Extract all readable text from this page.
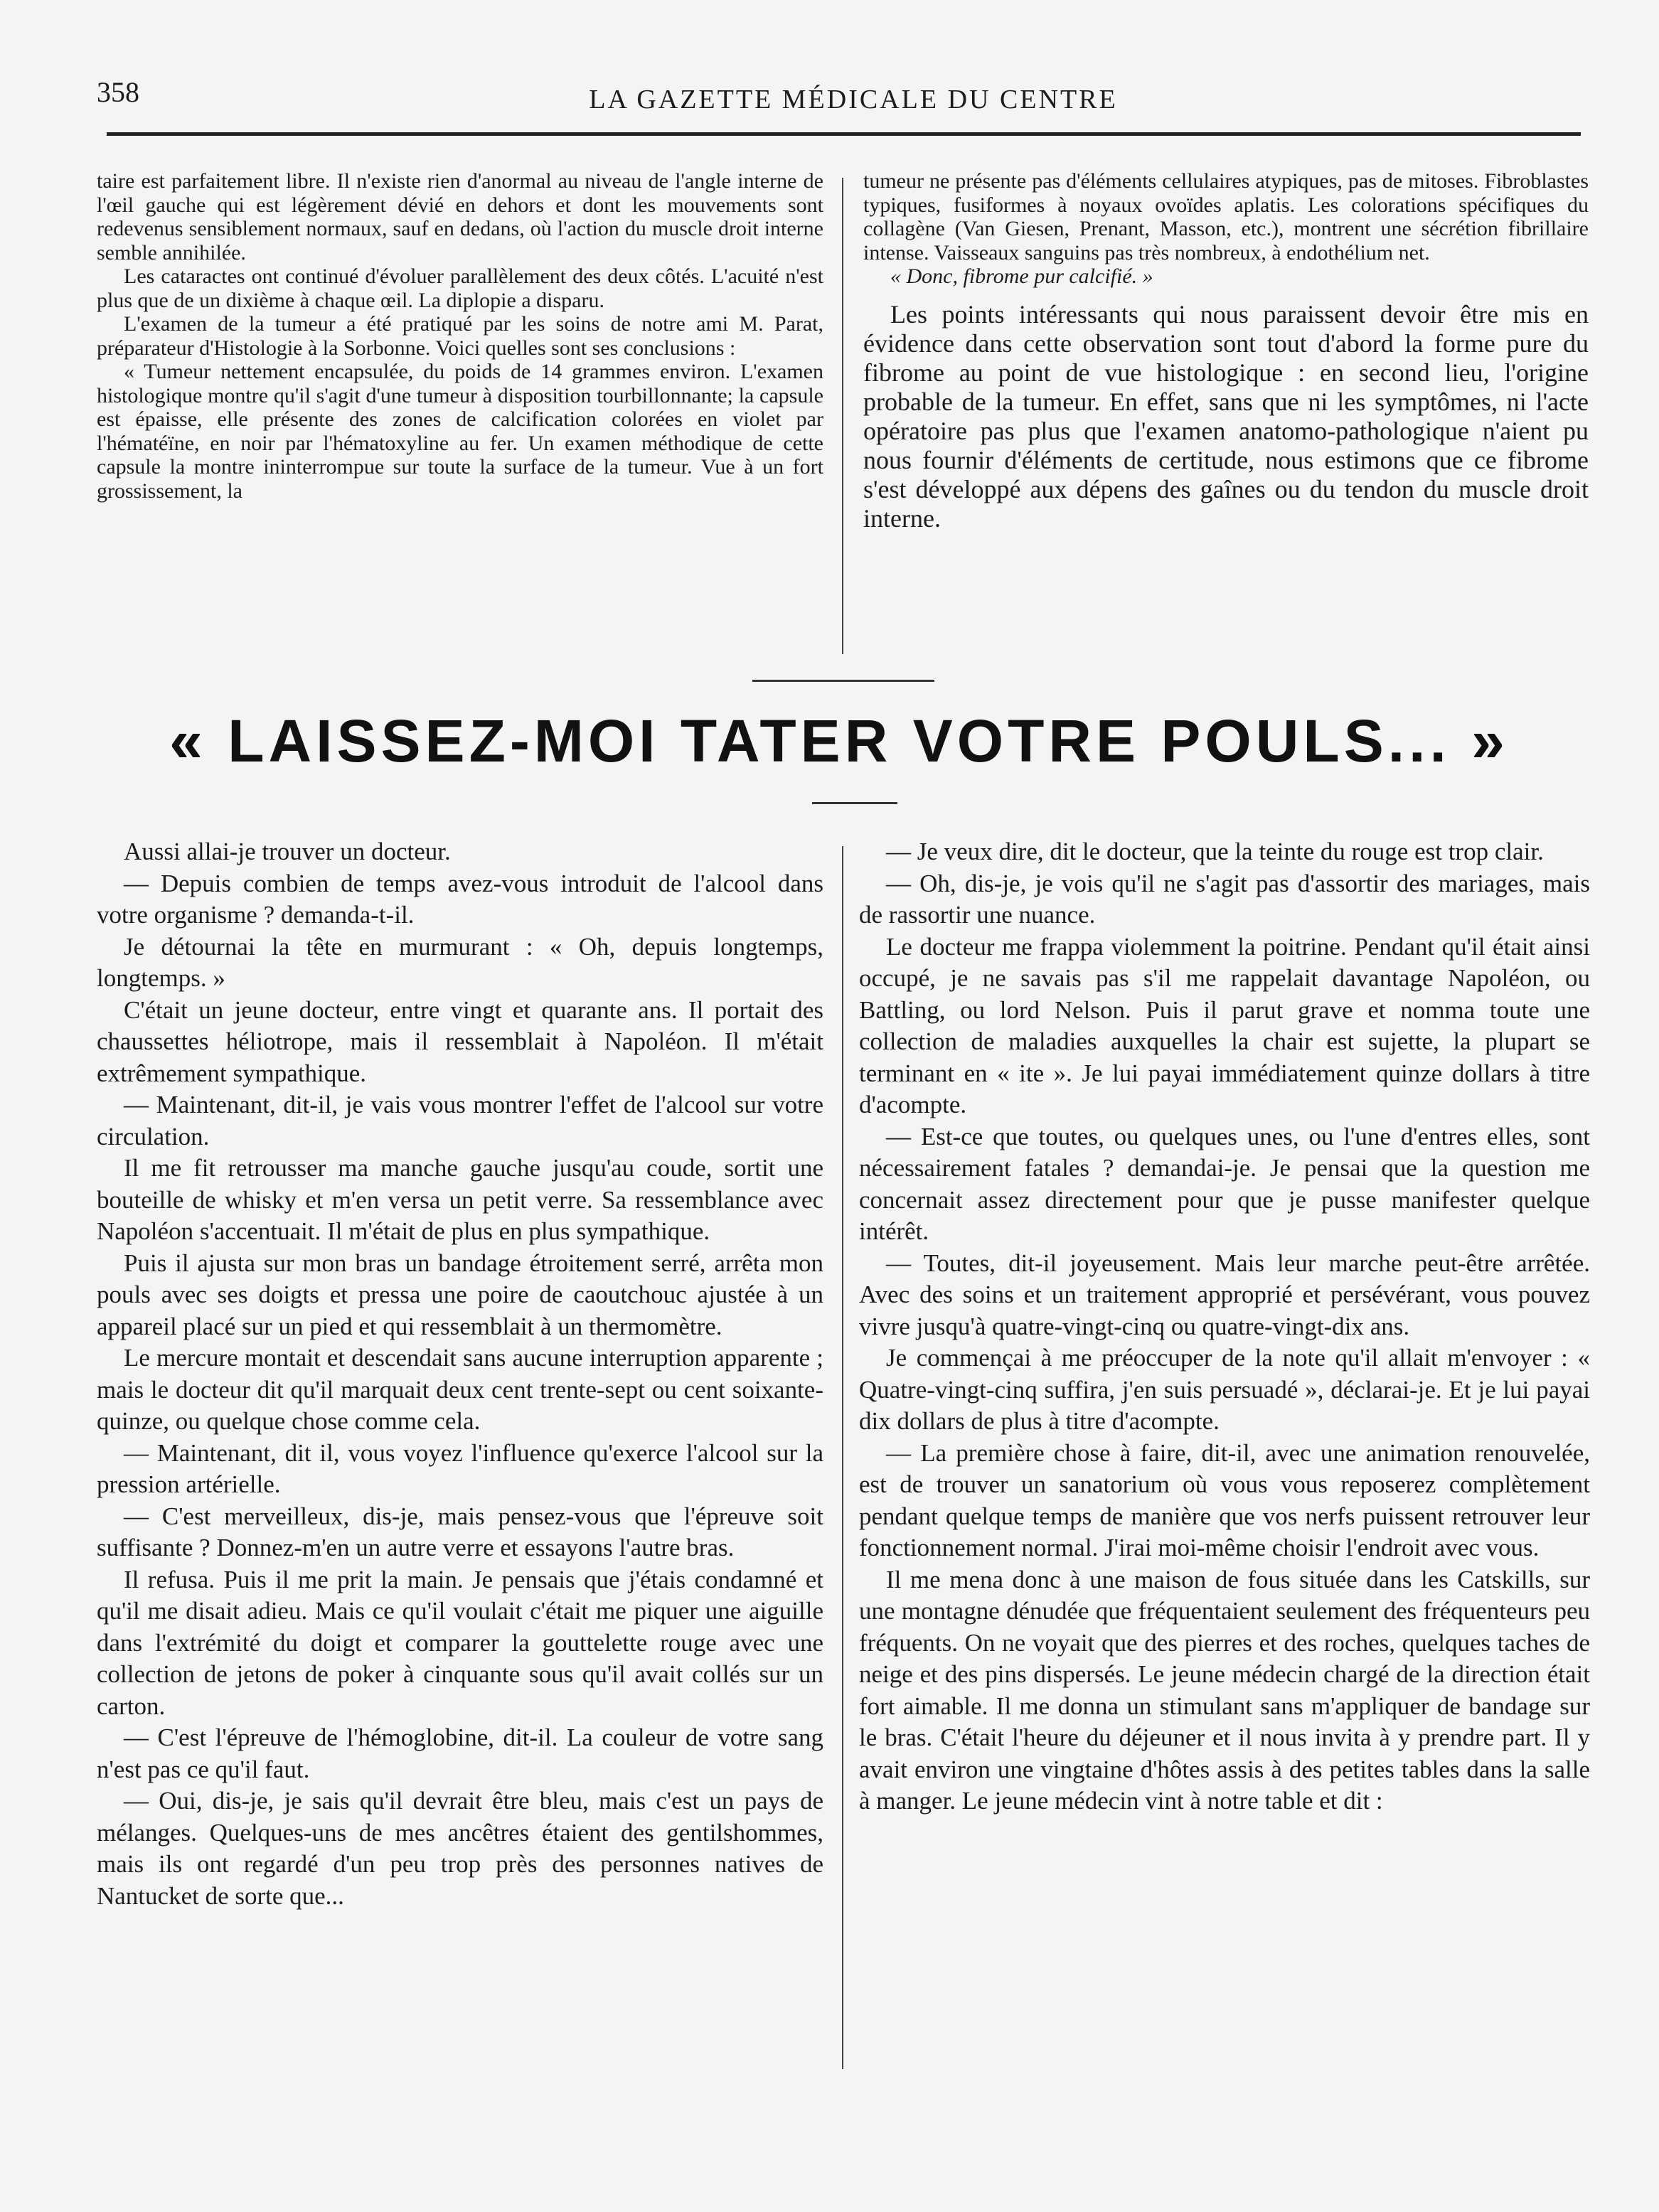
358	LA GAZETTE MÉDICALE DU CENTRE

taire est parfaitement libre. Il n'existe rien d'anormal au niveau de l'angle interne de l'œil gauche qui est légèrement dévié en dehors et dont les mouvements sont redevenus sensiblement normaux, sauf en dedans, où l'action du muscle droit interne semble annihilée.

Les cataractes ont continué d'évoluer parallèlement des deux côtés. L'acuité n'est plus que de un dixième à chaque œil. La diplopie a disparu.

L'examen de la tumeur a été pratiqué par les soins de notre ami M. Parat, préparateur d'Histologie à la Sorbonne. Voici quelles sont ses conclusions :

« Tumeur nettement encapsulée, du poids de 14 grammes environ. L'examen histologique montre qu'il s'agit d'une tumeur à disposition tourbillonnante; la capsule est épaisse, elle présente des zones de calcification colorées en violet par l'hématéïne, en noir par l'hématoxyline au fer. Un examen méthodique de cette capsule la montre ininterrompue sur toute la surface de la tumeur. Vue à un fort grossissement, la

tumeur ne présente pas d'éléments cellulaires atypiques, pas de mitoses. Fibroblastes typiques, fusiformes à noyaux ovoïdes aplatis. Les colorations spécifiques du collagène (Van Giesen, Prenant, Masson, etc.), montrent une sécrétion fibrillaire intense. Vaisseaux sanguins pas très nombreux, à endothélium net.

« Donc, fibrome pur calcifié. »

Les points intéressants qui nous paraissent devoir être mis en évidence dans cette observation sont tout d'abord la forme pure du fibrome au point de vue histologique : en second lieu, l'origine probable de la tumeur. En effet, sans que ni les symptômes, ni l'acte opératoire pas plus que l'examen anatomo-pathologique n'aient pu nous fournir d'éléments de certitude, nous estimons que ce fibrome s'est développé aux dépens des gaînes ou du tendon du muscle droit interne.

« LAISSEZ-MOI TATER VOTRE POULS... »

Aussi allai-je trouver un docteur.

— Depuis combien de temps avez-vous introduit de l'alcool dans votre organisme ? demanda-t-il.

Je détournai la tête en murmurant : « Oh, depuis longtemps, longtemps. »

C'était un jeune docteur, entre vingt et quarante ans. Il portait des chaussettes héliotrope, mais il ressemblait à Napoléon. Il m'était extrêmement sympathique.

— Maintenant, dit-il, je vais vous montrer l'effet de l'alcool sur votre circulation.

Il me fit retrousser ma manche gauche jusqu'au coude, sortit une bouteille de whisky et m'en versa un petit verre. Sa ressemblance avec Napoléon s'accentuait. Il m'était de plus en plus sympathique.

Puis il ajusta sur mon bras un bandage étroitement serré, arrêta mon pouls avec ses doigts et pressa une poire de caoutchouc ajustée à un appareil placé sur un pied et qui ressemblait à un thermomètre.

Le mercure montait et descendait sans aucune interruption apparente ; mais le docteur dit qu'il marquait deux cent trente-sept ou cent soixante-quinze, ou quelque chose comme cela.

— Maintenant, dit il, vous voyez l'influence qu'exerce l'alcool sur la pression artérielle.

— C'est merveilleux, dis-je, mais pensez-vous que l'épreuve soit suffisante ? Donnez-m'en un autre verre et essayons l'autre bras.

Il refusa. Puis il me prit la main. Je pensais que j'étais condamné et qu'il me disait adieu. Mais ce qu'il voulait c'était me piquer une aiguille dans l'extrémité du doigt et comparer la gouttelette rouge avec une collection de jetons de poker à cinquante sous qu'il avait collés sur un carton.

— C'est l'épreuve de l'hémoglobine, dit-il. La couleur de votre sang n'est pas ce qu'il faut.

— Oui, dis-je, je sais qu'il devrait être bleu, mais c'est un pays de mélanges. Quelques-uns de mes ancêtres étaient des gentilshommes, mais ils ont regardé d'un peu trop près des personnes natives de Nantucket de sorte que...

— Je veux dire, dit le docteur, que la teinte du rouge est trop clair.

— Oh, dis-je, je vois qu'il ne s'agit pas d'assortir des mariages, mais de rassortir une nuance.

Le docteur me frappa violemment la poitrine. Pendant qu'il était ainsi occupé, je ne savais pas s'il me rappelait davantage Napoléon, ou Battling, ou lord Nelson. Puis il parut grave et nomma toute une collection de maladies auxquelles la chair est sujette, la plupart se terminant en « ite ». Je lui payai immédiatement quinze dollars à titre d'acompte.

— Est-ce que toutes, ou quelques unes, ou l'une d'entres elles, sont nécessairement fatales ? demandai-je. Je pensai que la question me concernait assez directement pour que je pusse manifester quelque intérêt.

— Toutes, dit-il joyeusement. Mais leur marche peut-être arrêtée. Avec des soins et un traitement approprié et persévérant, vous pouvez vivre jusqu'à quatre-vingt-cinq ou quatre-vingt-dix ans.

Je commençai à me préoccuper de la note qu'il allait m'envoyer : « Quatre-vingt-cinq suffira, j'en suis persuadé », déclarai-je. Et je lui payai dix dollars de plus à titre d'acompte.

— La première chose à faire, dit-il, avec une animation renouvelée, est de trouver un sanatorium où vous vous reposerez complètement pendant quelque temps de manière que vos nerfs puissent retrouver leur fonctionnement normal. J'irai moi-même choisir l'endroit avec vous.

Il me mena donc à une maison de fous située dans les Catskills, sur une montagne dénudée que fréquentaient seulement des fréquenteurs peu fréquents. On ne voyait que des pierres et des roches, quelques taches de neige et des pins dispersés. Le jeune médecin chargé de la direction était fort aimable. Il me donna un stimulant sans m'appliquer de bandage sur le bras. C'était l'heure du déjeuner et il nous invita à y prendre part. Il y avait environ une vingtaine d'hôtes assis à des petites tables dans la salle à manger. Le jeune médecin vint à notre table et dit :
